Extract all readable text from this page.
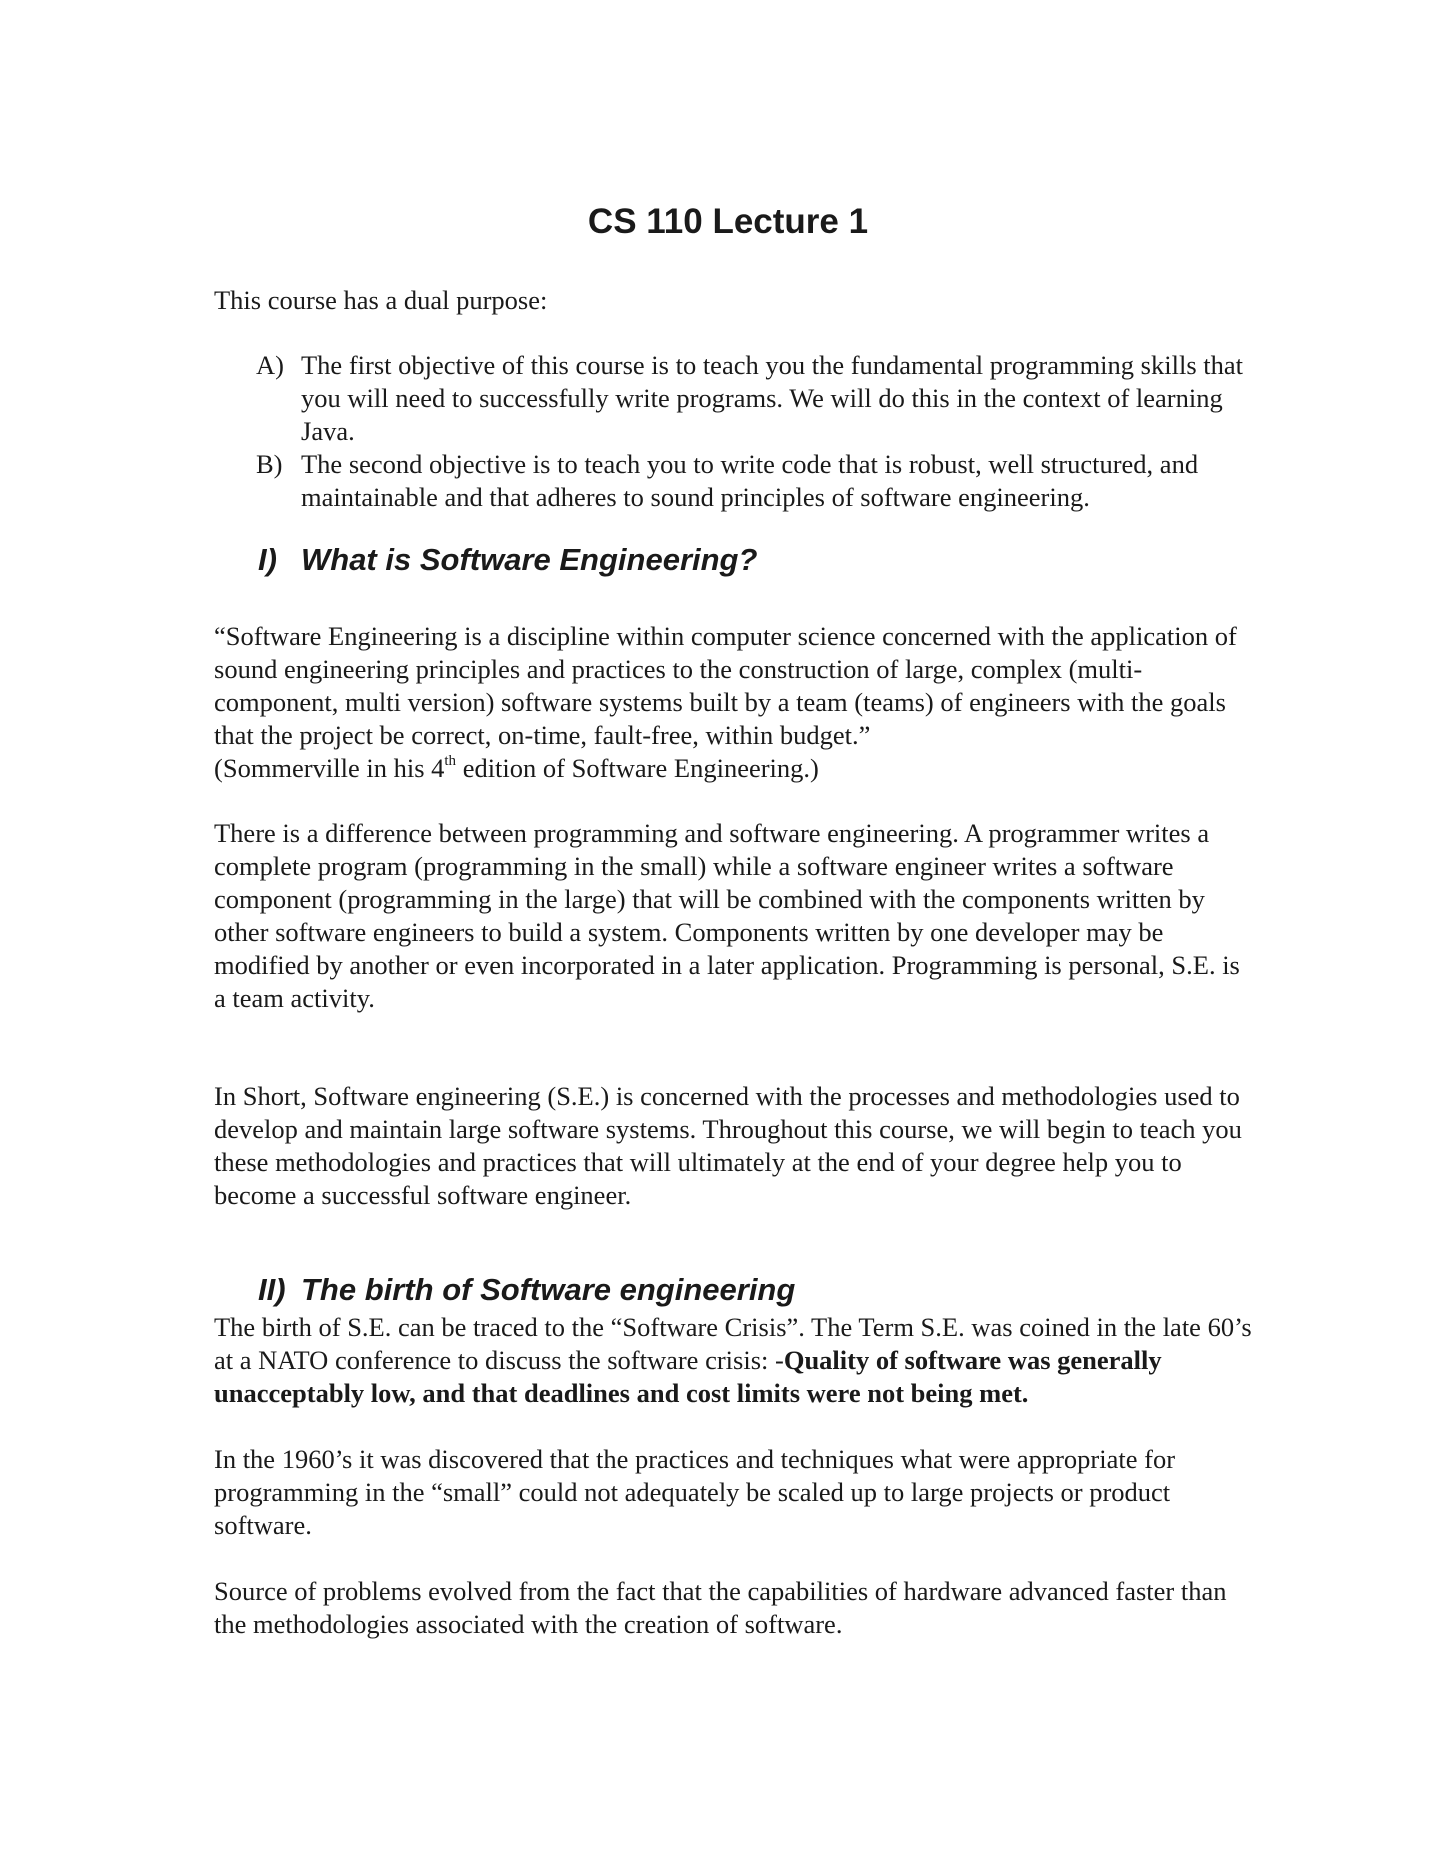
CS 110 Lecture 1

This course has a dual purpose:

A) The first objective of this course is to teach you the fundamental programming skills that you will need to successfully write programs. We will do this in the context of learning Java.
B) The second objective is to teach you to write code that is robust, well structured, and maintainable and that adheres to sound principles of software engineering.
I) What is Software Engineering?
“Software Engineering is a discipline within computer science concerned with the application of sound engineering principles and practices to the construction of large, complex (multi-component, multi version) software systems built by a team (teams) of engineers with the goals that the project be correct, on-time, fault-free, within budget.”
(Sommerville in his 4th edition of Software Engineering.)

There is a difference between programming and software engineering. A programmer writes a complete program (programming in the small) while a software engineer writes a software component (programming in the large) that will be combined with the components written by other software engineers to build a system. Components written by one developer may be modified by another or even incorporated in a later application. Programming is personal, S.E. is a team activity.

In Short, Software engineering (S.E.) is concerned with the processes and methodologies used to develop and maintain large software systems. Throughout this course, we will begin to teach you these methodologies and practices that will ultimately at the end of your degree help you to become a successful software engineer.

II) The birth of Software engineering

The birth of S.E. can be traced to the “Software Crisis”. The Term S.E. was coined in the late 60’s at a NATO conference to discuss the software crisis: -Quality of software was generally unacceptably low, and that deadlines and cost limits were not being met.

In the 1960’s it was discovered that the practices and techniques what were appropriate for programming in the “small” could not adequately be scaled up to large projects or product software.

Source of problems evolved from the fact that the capabilities of hardware advanced faster than the methodologies associated with the creation of software.
